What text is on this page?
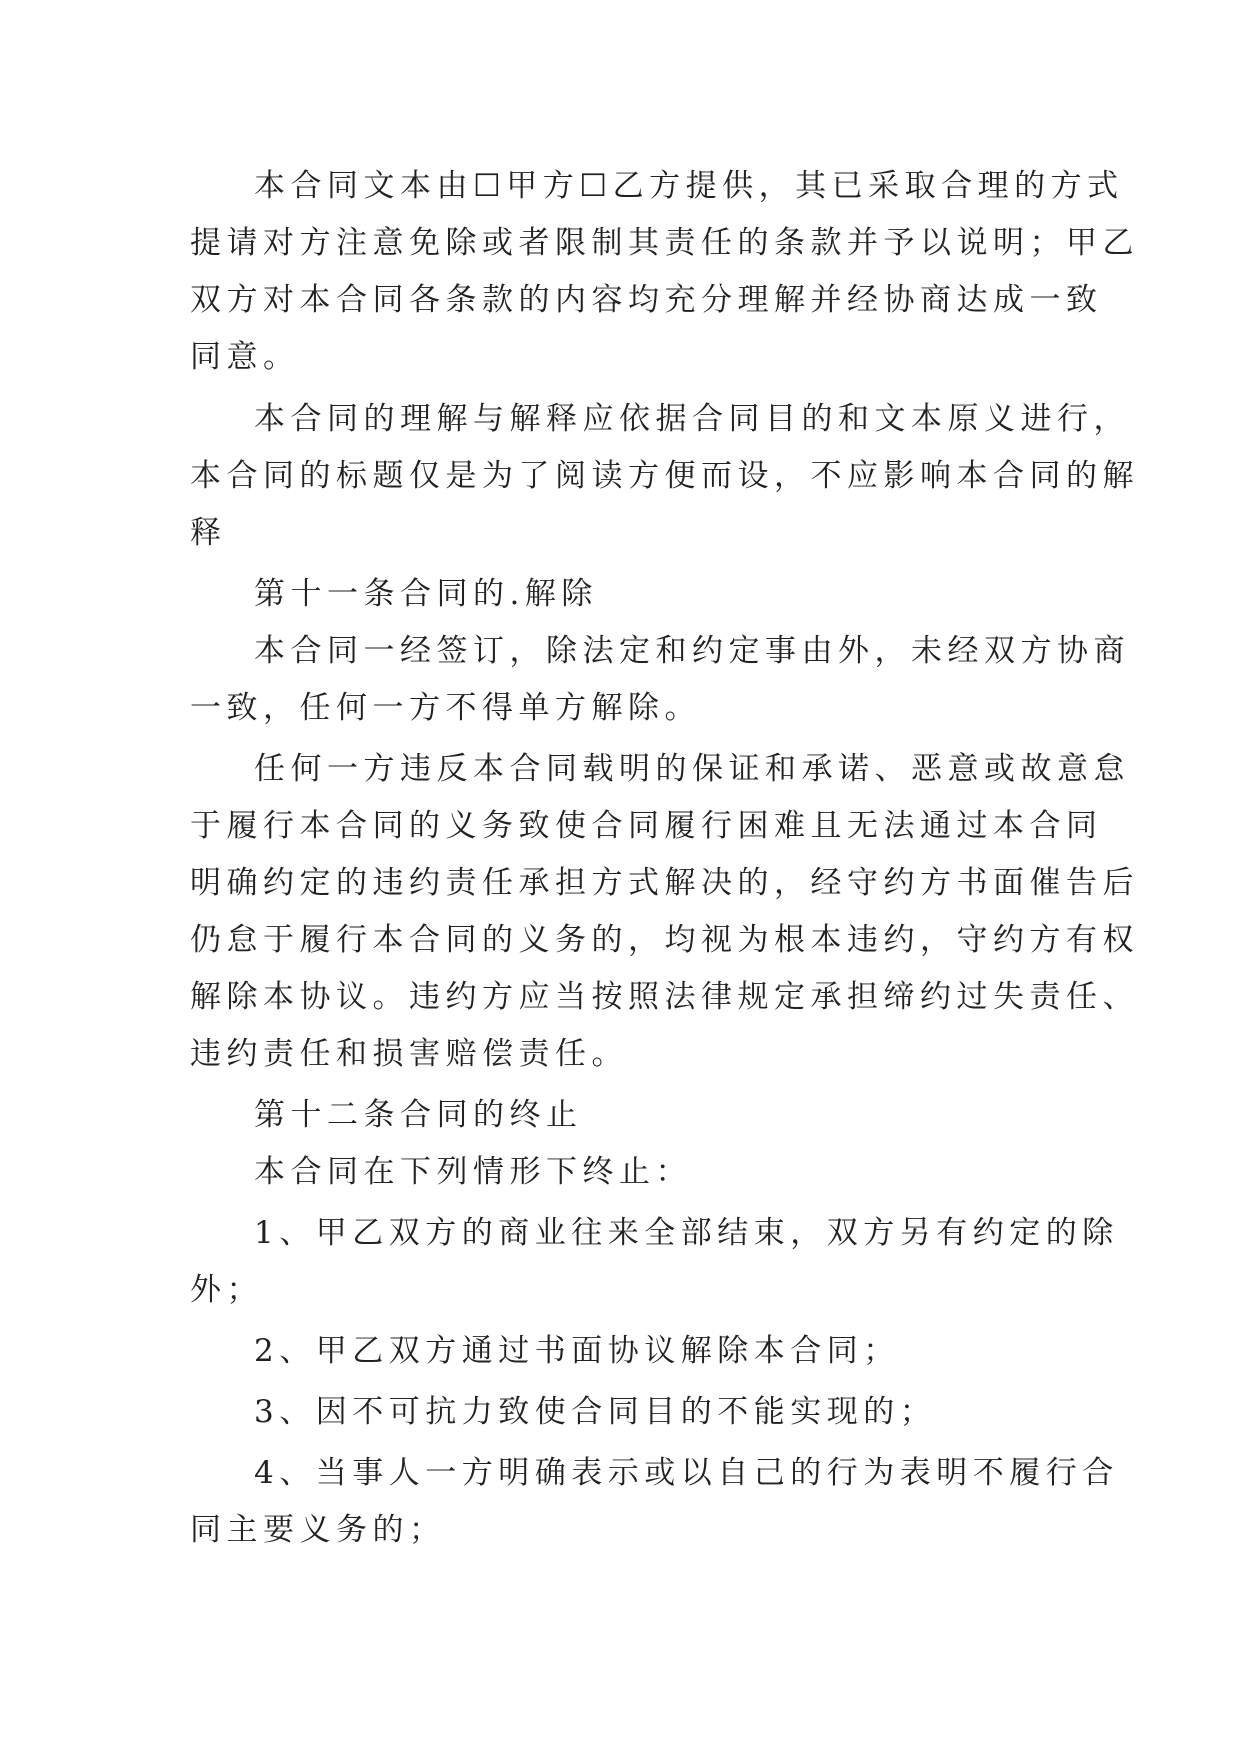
本合同文本由☐甲方☐乙方提供，其已采取合理的方式

提请对方注意免除或者限制其责任的条款并予以说明；甲乙

双方对本合同各条款的内容均充分理解并经协商达成一致

同意。

本合同的理解与解释应依据合同目的和文本原义进行，

本合同的标题仅是为了阅读方便而设，不应影响本合同的解

释

第十一条合同的.解除

本合同一经签订，除法定和约定事由外，未经双方协商

一致，任何一方不得单方解除。

任何一方违反本合同载明的保证和承诺、恶意或故意怠

于履行本合同的义务致使合同履行困难且无法通过本合同

明确约定的违约责任承担方式解决的，经守约方书面催告后

仍怠于履行本合同的义务的，均视为根本违约，守约方有权

解除本协议。违约方应当按照法律规定承担缔约过失责任、

违约责任和损害赔偿责任。

第十二条合同的终止

本合同在下列情形下终止：

1、甲乙双方的商业往来全部结束，双方另有约定的除

外；

2、甲乙双方通过书面协议解除本合同；

3、因不可抗力致使合同目的不能实现的；

4、当事人一方明确表示或以自己的行为表明不履行合

同主要义务的；
